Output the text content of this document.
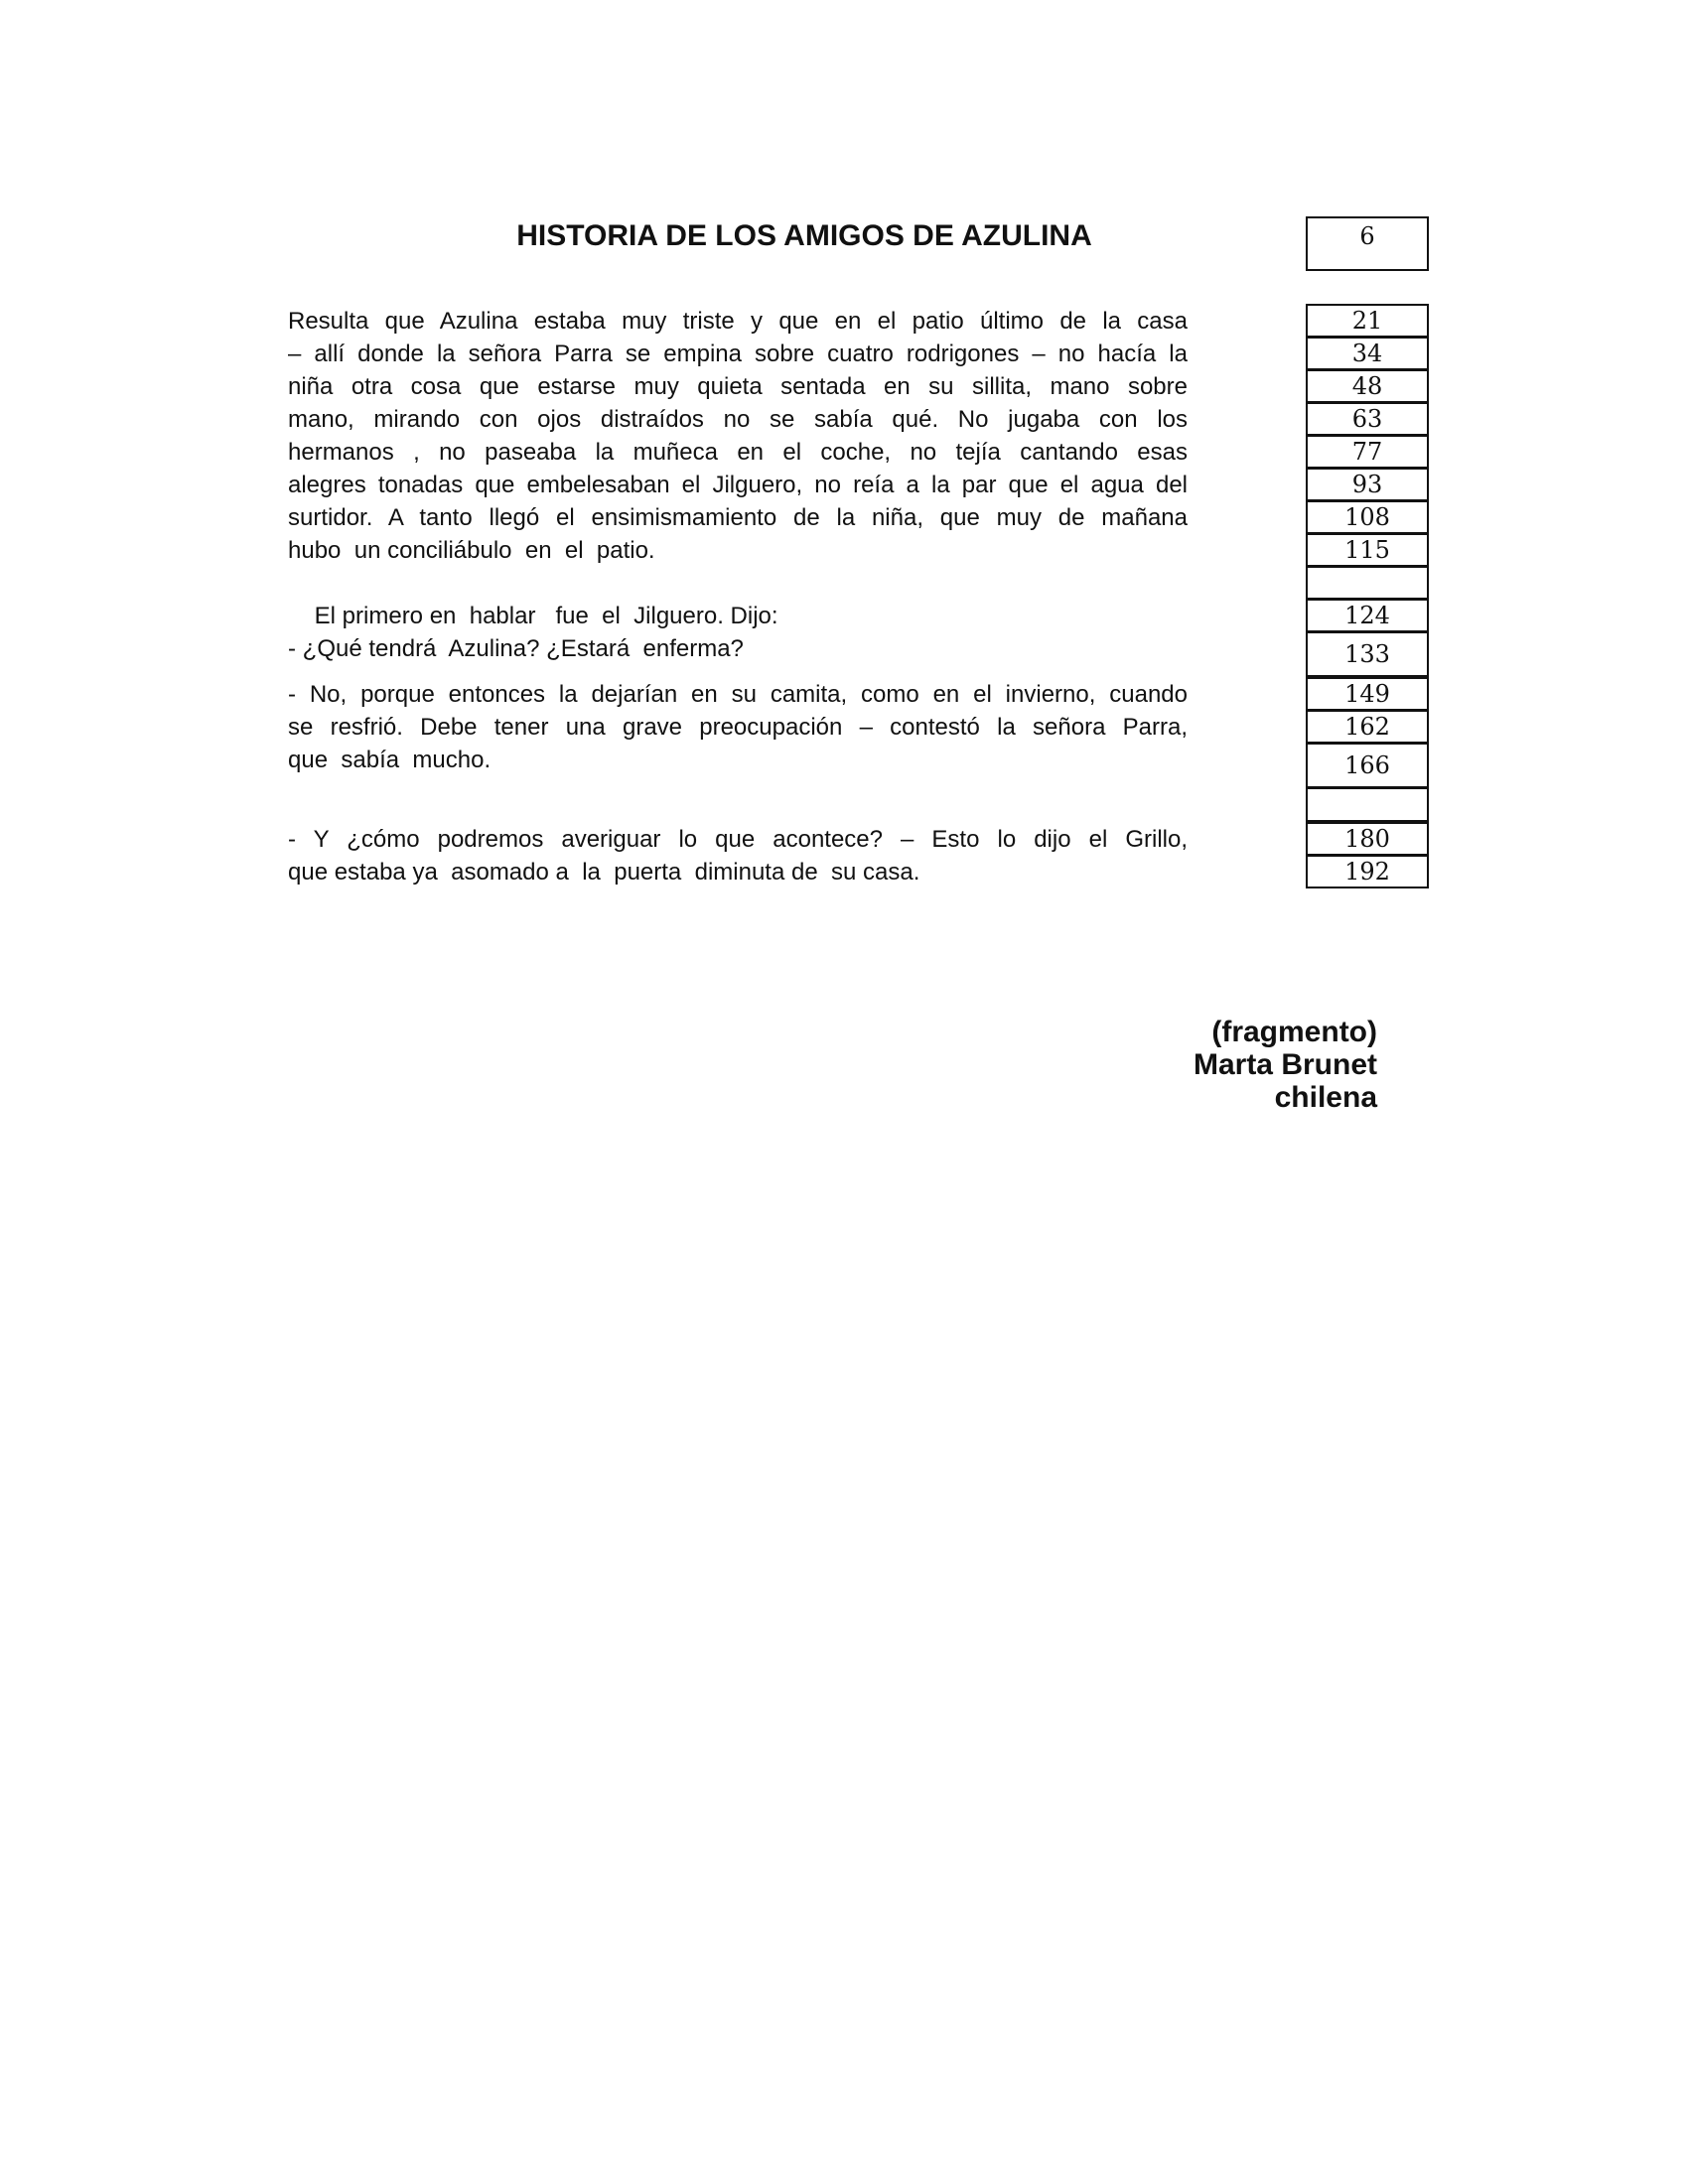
HISTORIA DE LOS AMIGOS DE AZULINA	6
Resulta que Azulina estaba muy triste y que en el patio último de la casa
– allí donde la señora Parra se empina sobre cuatro rodrigones – no hacía la
niña otra cosa que estarse muy quieta sentada en su sillita, mano sobre
mano, mirando con ojos distraídos no se sabía qué. No jugaba con los
hermanos , no paseaba la muñeca en el coche, no tejía cantando esas
alegres tonadas que embelesaban el Jilguero, no reía a la par que el agua del
surtidor. A tanto llegó el ensimismamiento de la niña, que muy de mañana
hubo  un conciliábulo  en  el  patio.
El primero en  hablar   fue  el  Jilguero. Dijo:
- ¿Qué tendrá  Azulina? ¿Estará  enferma?
- No, porque entonces la dejarían en su camita, como en el invierno, cuando
se resfrió. Debe tener una grave preocupación – contestó la señora Parra,
que  sabía  mucho.
- Y ¿cómo podremos averiguar lo que acontece? – Esto lo dijo el Grillo,
que estaba ya  asomado a  la  puerta  diminuta de  su casa.
21
34
48
63
77
93
108
115
124
133
149
162
166
180
192
(fragmento)
Marta Brunet
chilena
